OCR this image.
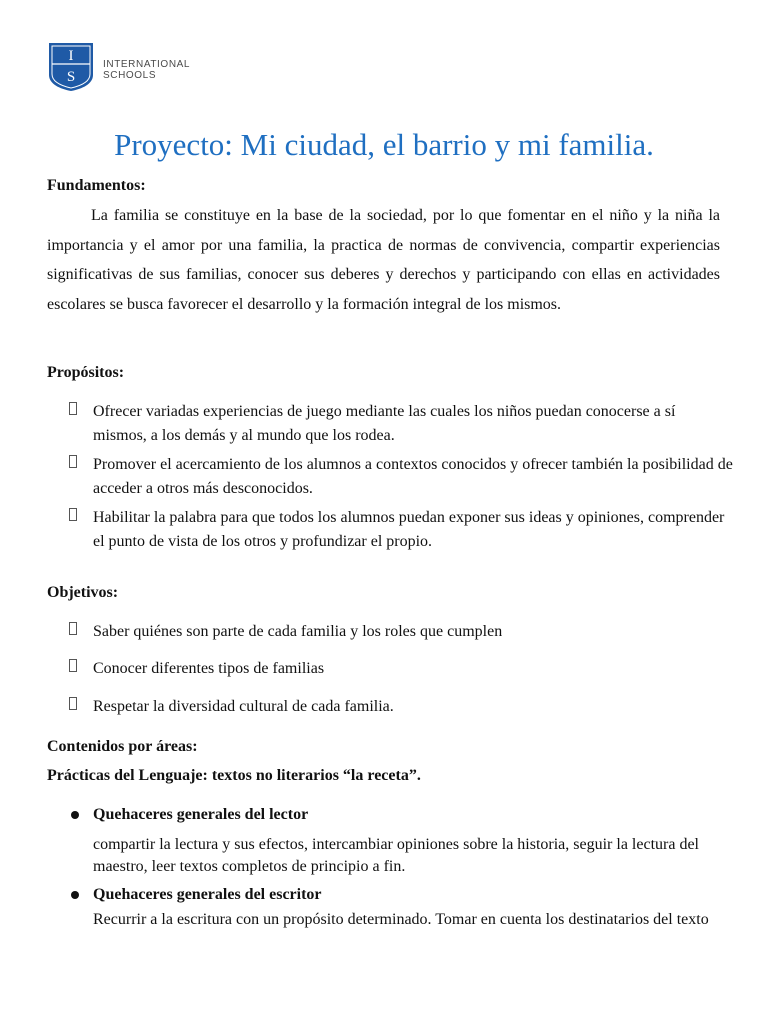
I
S
INTERNATIONAL
SCHOOLS
Proyecto: Mi ciudad, el barrio y mi familia.
Fundamentos:

La familia se constituye en la base de la sociedad, por lo que fomentar en el niño y la niña la importancia y el amor por una familia, la practica de normas de convivencia, compartir experiencias significativas de sus familias, conocer sus deberes y derechos y participando con ellas en actividades escolares se busca favorecer el desarrollo y la formación integral de los mismos.

Propósitos:
Ofrecer variadas experiencias de juego mediante las cuales los niños puedan conocerse a sí mismos, a los demás y al mundo que los rodea.
Promover el acercamiento de los alumnos a contextos conocidos y ofrecer también la posibilidad de acceder a otros más desconocidos.
Habilitar la palabra para que todos los alumnos puedan exponer sus ideas y opiniones, comprender el punto de vista de los otros y profundizar el propio.
Objetivos:
Saber quiénes son parte de cada familia y los roles que cumplen
Conocer diferentes tipos de familias
Respetar la diversidad cultural de cada familia.
Contenidos por áreas:
Prácticas del Lenguaje: textos no literarios “la receta”.
Quehaceres generales del lector
compartir la lectura y sus efectos, intercambiar opiniones sobre la historia, seguir la lectura del maestro, leer textos completos de principio a fin.
Quehaceres generales del escritor
Recurrir a la escritura con un propósito determinado. Tomar en cuenta los destinatarios del texto
